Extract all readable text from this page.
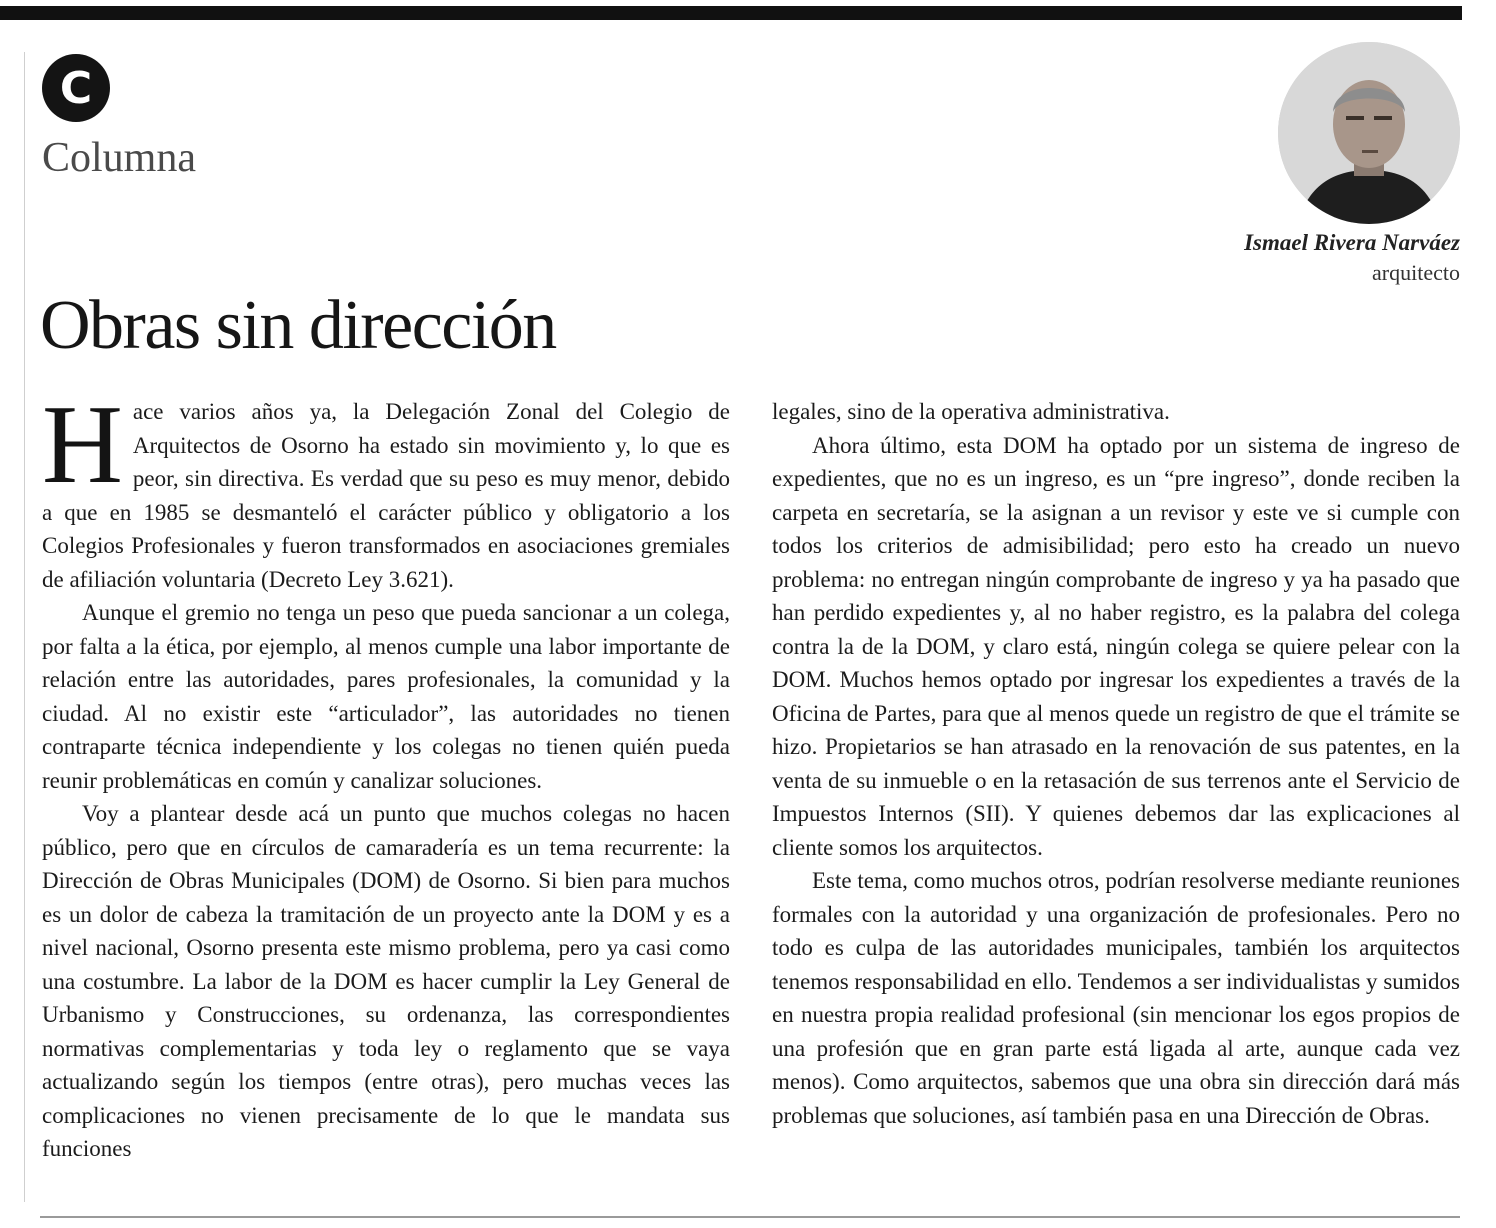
C
Columna
Ismael Rivera Narváez
arquitecto
Obras sin dirección

Hace varios años ya, la Delegación Zonal del Colegio de Arquitectos de Osorno ha estado sin movimiento y, lo que es peor, sin directiva. Es verdad que su peso es muy menor, debido a que en 1985 se desmanteló el carácter público y obligatorio a los Colegios Profesionales y fueron transformados en asociaciones gremiales de afiliación voluntaria (Decreto Ley 3.621).

Aunque el gremio no tenga un peso que pueda sancionar a un colega, por falta a la ética, por ejemplo, al menos cumple una labor importante de relación entre las autoridades, pares profesionales, la comunidad y la ciudad. Al no existir este “articulador”, las autoridades no tienen contraparte técnica independiente y los colegas no tienen quién pueda reunir problemáticas en común y canalizar soluciones.

Voy a plantear desde acá un punto que muchos colegas no hacen público, pero que en círculos de camaradería es un tema recurrente: la Dirección de Obras Municipales (DOM) de Osorno. Si bien para muchos es un dolor de cabeza la tramitación de un proyecto ante la DOM y es a nivel nacional, Osorno presenta este mismo problema, pero ya casi como una costumbre. La labor de la DOM es hacer cumplir la Ley General de Urbanismo y Construcciones, su ordenanza, las correspondientes normativas complementarias y toda ley o reglamento que se vaya actualizando según los tiempos (entre otras), pero muchas veces las complicaciones no vienen precisamente de lo que le mandata sus funciones

legales, sino de la operativa administrativa.

Ahora último, esta DOM ha optado por un sistema de ingreso de expedientes, que no es un ingreso, es un “pre ingreso”, donde reciben la carpeta en secretaría, se la asignan a un revisor y este ve si cumple con todos los criterios de admisibilidad; pero esto ha creado un nuevo problema: no entregan ningún comprobante de ingreso y ya ha pasado que han perdido expedientes y, al no haber registro, es la palabra del colega contra la de la DOM, y claro está, ningún colega se quiere pelear con la DOM. Muchos hemos optado por ingresar los expedientes a través de la Oficina de Partes, para que al menos quede un registro de que el trámite se hizo. Propietarios se han atrasado en la renovación de sus patentes, en la venta de su inmueble o en la retasación de sus terrenos ante el Servicio de Impuestos Internos (SII). Y quienes debemos dar las explicaciones al cliente somos los arquitectos.

Este tema, como muchos otros, podrían resolverse mediante reuniones formales con la autoridad y una organización de profesionales. Pero no todo es culpa de las autoridades municipales, también los arquitectos tenemos responsabilidad en ello. Tendemos a ser individualistas y sumidos en nuestra propia realidad profesional (sin mencionar los egos propios de una profesión que en gran parte está ligada al arte, aunque cada vez menos). Como arquitectos, sabemos que una obra sin dirección dará más problemas que soluciones, así también pasa en una Dirección de Obras.
